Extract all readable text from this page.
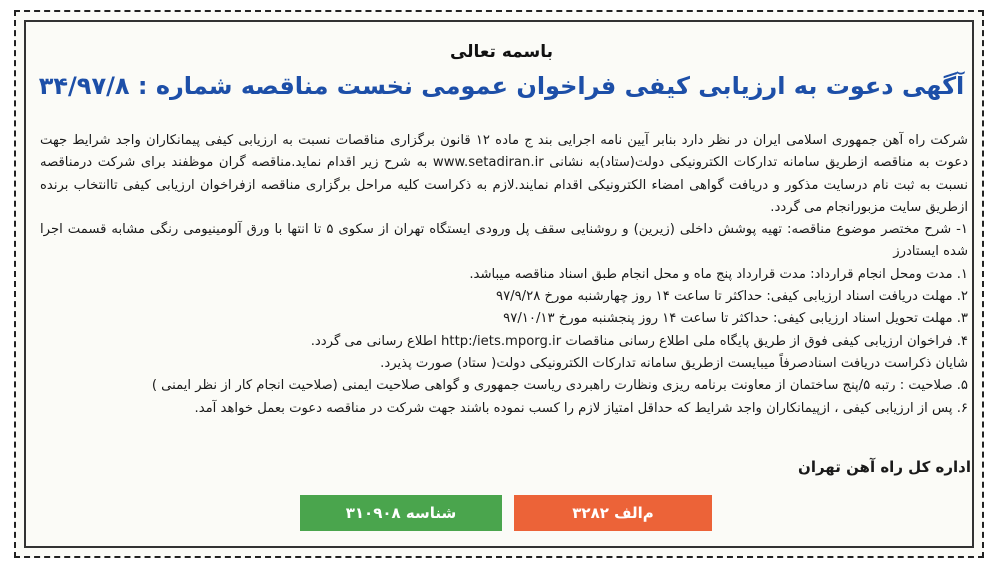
باسمه تعالی
آگهی دعوت به ارزیابی کیفی فراخوان عمومی نخست مناقصه شماره : ۳۴/۹۷/۸

شرکت راه آهن جمهوری اسلامی ایران در نظر دارد بنابر آیین نامه اجرایی بند ج ماده ۱۲ قانون برگزاری مناقصات نسبت به ارزیابی کیفی پیمانکاران واجد شرایط جهت دعوت به مناقصه ازطریق سامانه تدارکات الکترونیکی دولت(ستاد)به نشانی www.setadiran.ir به شرح زیر اقدام نماید.مناقصه گران موظفند برای شرکت درمناقصه نسبت به ثبت نام درسایت مذکور و دریافت گواهی امضاء الکترونیکی اقدام نمایند.لازم به ذکراست کلیه مراحل برگزاری مناقصه ازفراخوان ارزیابی کیفی تاانتخاب برنده ازطریق سایت مزبورانجام می گردد.

۱- شرح مختصر موضوع مناقصه: تهیه پوشش داخلی (زیرین) و روشنایی سقف پل ورودی ایستگاه تهران از سکوی ۵ تا انتها با ورق آلومینیومی رنگی مشابه قسمت اجرا شده ایستادرز

۱. مدت ومحل انجام قرارداد: مدت قرارداد پنج ماه و محل انجام طبق اسناد مناقصه میباشد.

۲. مهلت دریافت اسناد ارزیابی کیفی: حداکثر تا ساعت ۱۴ روز چهارشنبه مورخ ۹۷/۹/۲۸

۳. مهلت تحویل اسناد ارزیابی کیفی: حداکثر تا ساعت ۱۴ روز پنجشنبه مورخ ۹۷/۱۰/۱۳

۴. فراخوان ارزیابی کیفی فوق از طریق پایگاه ملی اطلاع رسانی مناقصات http:/iets.mporg.ir اطلاع رسانی می گردد.

شایان ذکراست دریافت اسنادصرفاً میبایست ازطریق سامانه تدارکات الکترونیکی دولت( ستاد) صورت پذیرد.

۵. صلاحیت : رتبه ۵/پنج ساختمان از معاونت برنامه ریزی ونظارت راهبردی ریاست جمهوری و گواهی صلاحیت ایمنی (صلاحیت انجام کار از نظر ایمنی )

۶. پس از ارزیابی کیفی ، ازپیمانکاران واجد شرایط که حداقل امتیاز لازم را کسب نموده باشند جهت شرکت در مناقصه دعوت بعمل خواهد آمد.

اداره کل راه آهن تهران
م‌الف ۳۲۸۲
شناسه ۳۱۰۹۰۸
